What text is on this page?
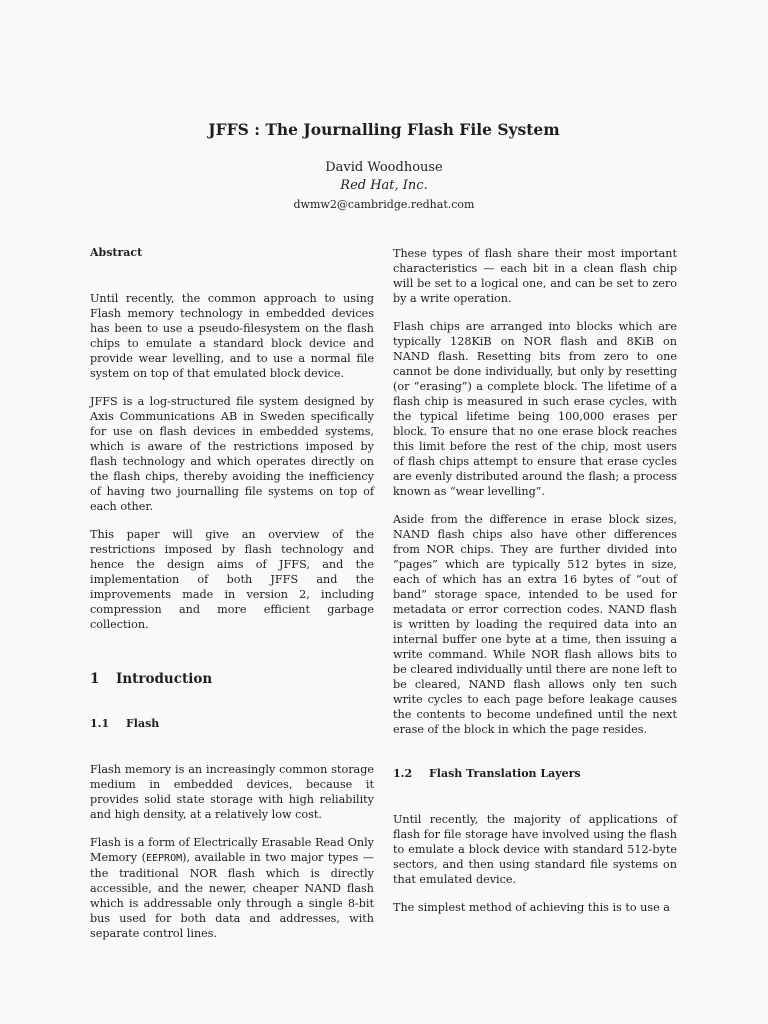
JFFS : The Journalling Flash File System
David Woodhouse
Red Hat, Inc.
dwmw2@cambridge.redhat.com

Abstract

Until recently, the common approach to using Flash memory technology in embedded devices has been to use a pseudo-filesystem on the flash chips to emulate a standard block device and provide wear levelling, and to use a normal file system on top of that emulated block device.

JFFS is a log-structured file system designed by Axis Communications AB in Sweden specifically for use on flash devices in embedded systems, which is aware of the restrictions imposed by flash technology and which operates directly on the flash chips, thereby avoiding the inefficiency of having two journalling file systems on top of each other.

This paper will give an overview of the restrictions imposed by flash technology and hence the design aims of JFFS, and the implementation of both JFFS and the improvements made in version 2, including compression and more efficient garbage collection.

1 Introduction
1.1 Flash

Flash memory is an increasingly common storage medium in embedded devices, because it provides solid state storage with high reliability and high density, at a relatively low cost.

Flash is a form of Electrically Erasable Read Only Memory (EEPROM), available in two major types — the traditional NOR flash which is directly accessible, and the newer, cheaper NAND flash which is addressable only through a single 8-bit bus used for both data and addresses, with separate control lines.

These types of flash share their most important characteristics — each bit in a clean flash chip will be set to a logical one, and can be set to zero by a write operation.

Flash chips are arranged into blocks which are typically 128KiB on NOR flash and 8KiB on NAND flash. Resetting bits from zero to one cannot be done individually, but only by resetting (or “erasing”) a complete block. The lifetime of a flash chip is measured in such erase cycles, with the typical lifetime being 100,000 erases per block. To ensure that no one erase block reaches this limit before the rest of the chip, most users of flash chips attempt to ensure that erase cycles are evenly distributed around the flash; a process known as “wear levelling”.

Aside from the difference in erase block sizes, NAND flash chips also have other differences from NOR chips. They are further divided into “pages” which are typically 512 bytes in size, each of which has an extra 16 bytes of “out of band” storage space, intended to be used for metadata or error correction codes. NAND flash is written by loading the required data into an internal buffer one byte at a time, then issuing a write command. While NOR flash allows bits to be cleared individually until there are none left to be cleared, NAND flash allows only ten such write cycles to each page before leakage causes the contents to become undefined until the next erase of the block in which the page resides.

1.2 Flash Translation Layers

Until recently, the majority of applications of flash for file storage have involved using the flash to emulate a block device with standard 512-byte sectors, and then using standard file systems on that emulated device.

The simplest method of achieving this is to use a
